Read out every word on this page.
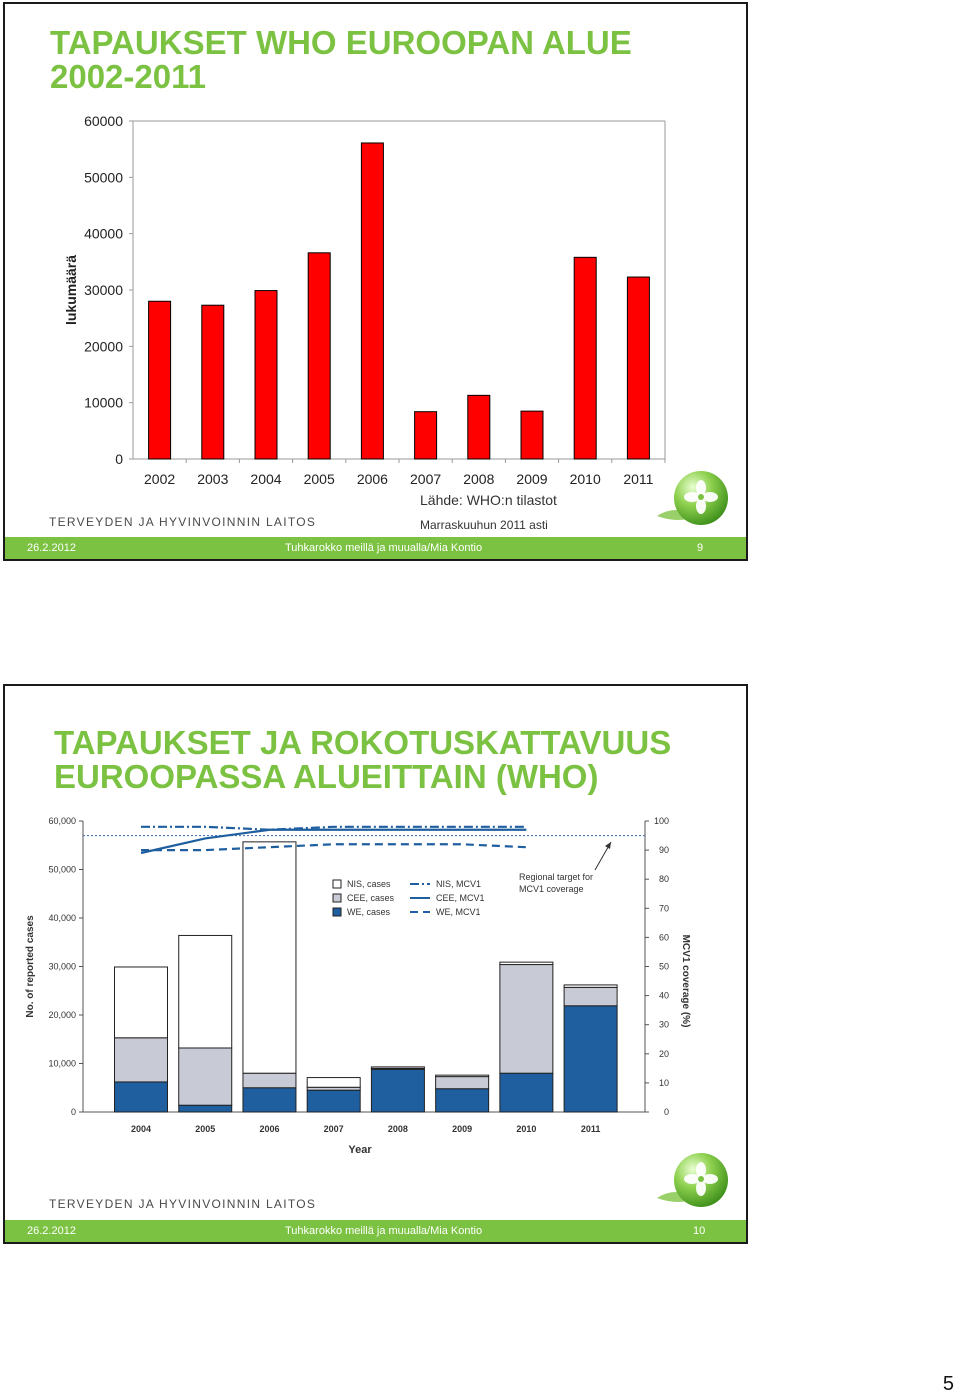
TAPAUKSET WHO EUROOPAN ALUE
2002-2011
0
10000
20000
30000
40000
50000
60000
lukumäärä
2002 2003 2004 2005 2006 2007 2008 2009 2010 2011
Lähde: WHO:n tilastot
Marraskuuhun 2011 asti
TERVEYDEN JA HYVINVOINNIN LAITOS
26.2.2012	Tuhkarokko meillä ja muualla/Mia Kontio	9
TAPAUKSET JA ROKOTUSKATTAVUUS
EUROOPASSA ALUEITTAIN (WHO)
0
10,000
20,000
30,000
40,000
50,000
60,000
0
10
20
30
40
50
60
70
80
90
100
No. of reported cases	MCV1 coverage (%)
Year
2004	2005	2006	2007	2008	2009	2010	2011
Regional target for
MCV1 coverage
NIS, cases
CEE, cases
WE, cases
NIS, MCV1
CEE, MCV1
WE, MCV1
TERVEYDEN JA HYVINVOINNIN LAITOS
26.2.2012	Tuhkarokko meillä ja muualla/Mia Kontio	10
5
